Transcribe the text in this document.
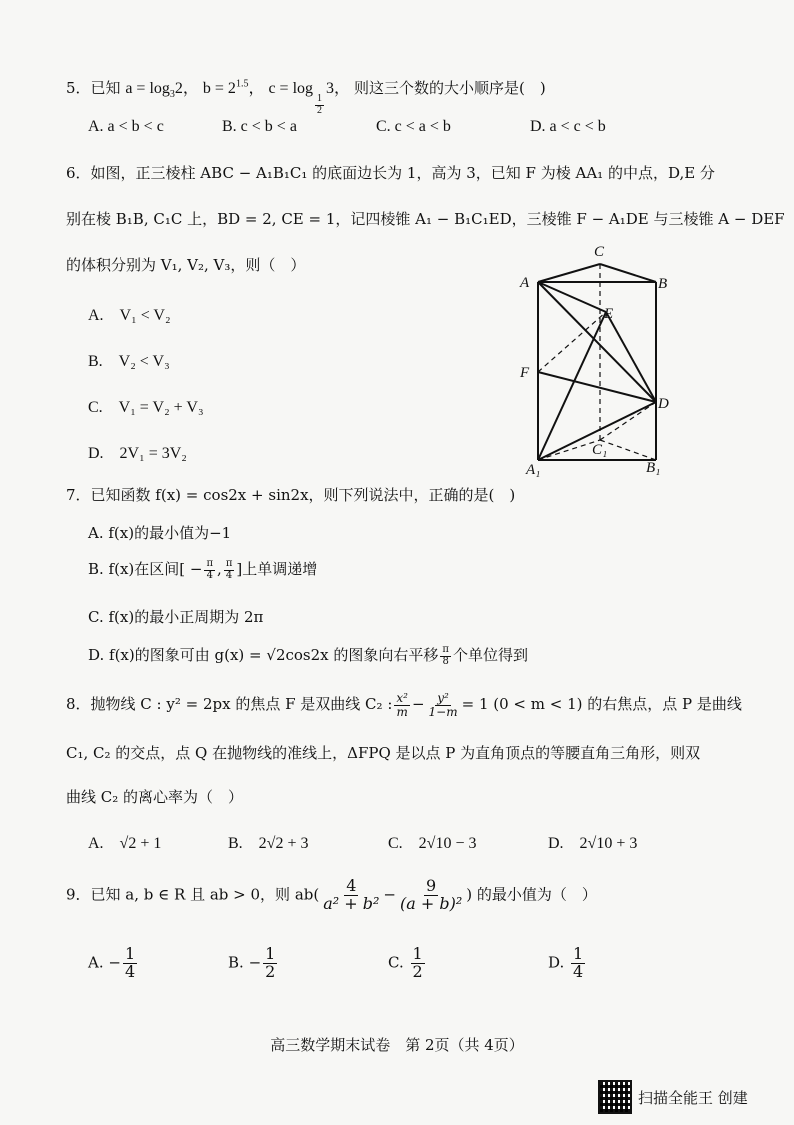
5．已知 $a = \log_32$， $b = 2^{1.5}$， c = log
$\frac{1}{2}$
3， 则这三个数的大小顺序是(　)
A. a < b < c	B. c < b < a	C. c < a < b	D. a < c < b
6．如图，正三棱柱 ABC − A₁B₁C₁ 的底面边长为 1，高为 3，已知 F 为棱 AA₁ 的中点，D,E 分
别在棱 B₁B, C₁C 上，BD = 2, CE = 1，记四棱锥 A₁ − B₁C₁ED，三棱锥 F − A₁DE 与三棱锥 A − DEF
的体积分别为 V₁, V₂, V₃，则（　）
A.　V₁ < V₂
B.　V₂ < V₃
C.　V₁ = V₂ + V₃
D.　2V₁ = 3V₂
C
B
A
E
F
D
C₁
A₁	B₁
7．已知函数 f(x) = cos2x + sin2x，则下列说法中，正确的是(　)
A. f(x)的最小值为−1
B. f(x)在区间[ − $\frac{\pi}{4}$ , $\frac{\pi}{4}$ ]上单调递增
C. f(x)的最小正周期为 2π
D. f(x)的图象可由 g(x) = √2cos2x 的图象向右平移 $\frac{\pi}{8}$ 个单位得到
8．抛物线 C : y² = 2px 的焦点 F 是双曲线 C₂ : $\frac{\text{x²}}{m} - \frac{\text{y²}}{1-m} = 1$ (0 < m < 1) 的右焦点，点 P 是曲线
C₁, C₂ 的交点，点 Q 在抛物线的准线上，ΔFPQ 是以点 P 为直角顶点的等腰直角三角形，则双
曲线 C₂ 的离心率为（　）
A.　√2 + 1	B.　2√2 + 3	C.　2√10 − 3	D.　2√10 + 3
9．已知 a, b ∈ R 且 ab > 0，则 $ab( \frac{4}{\text{a² + b²}} - \frac{9}{\text{(a + b)²}}$ ) 的最小值为（　）
A. − $\frac{1}{4}$	B. − $\frac{1}{2}$	C. $\frac{1}{2}$	D. $\frac{1}{4}$
高三数学期末试卷　第 2页（共 4页）
扫描全能王 创建
